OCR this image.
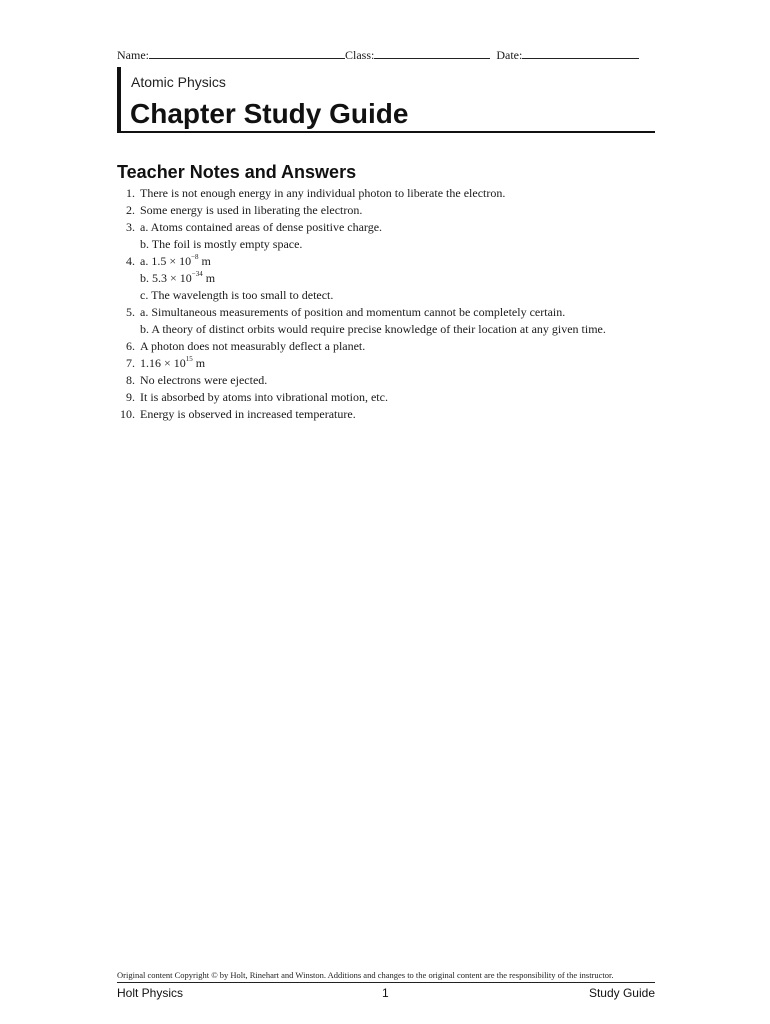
Name:	Class:	Date:
Atomic Physics
Chapter Study Guide
Teacher Notes and Answers
1. There is not enough energy in any individual photon to liberate the electron.
2. Some energy is used in liberating the electron.
3. a. Atoms contained areas of dense positive charge.
b. The foil is mostly empty space.
4. a. $1.5 \times 10^{-8}$ m
b. $5.3 \times 10^{-34}$ m
c. The wavelength is too small to detect.
5. a. Simultaneous measurements of position and momentum cannot be completely certain.
b. A theory of distinct orbits would require precise knowledge of their location at any given time.
6. A photon does not measurably deflect a planet.
7. $1.16 \times 10^{15}$ m
8. No electrons were ejected.
9. It is absorbed by atoms into vibrational motion, etc.
10. Energy is observed in increased temperature.
Original content Copyright © by Holt, Rinehart and Winston. Additions and changes to the original content are the responsibility of the instructor.
Holt Physics	1	Study Guide
